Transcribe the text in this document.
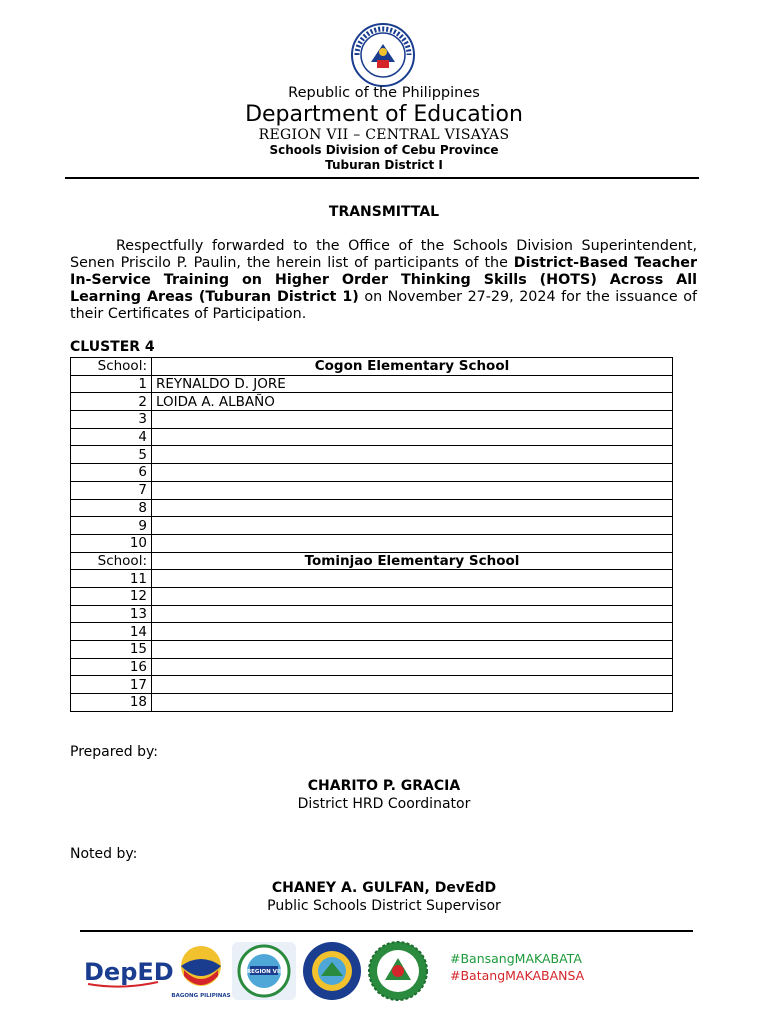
Republic of the Philippines
Department of Education
REGION VII – CENTRAL VISAYAS
Schools Division of Cebu Province
Tuburan District I
TRANSMITTAL

Respectfully forwarded to the Office of the Schools Division Superintendent, Senen Priscilo P. Paulin, the herein list of participants of the District-Based Teacher In-Service Training on Higher Order Thinking Skills (HOTS) Across All Learning Areas (Tuburan District 1) on November 27-29, 2024 for the issuance of their Certificates of Participation.

CLUSTER 4
School:	Cogon Elementary School
1	REYNALDO D. JORE
2	LOIDA A. ALBAÑO
3	
4	
5	
6	
7	
8	
9	
10	
School:	Tominjao Elementary School
11	
12	
13	
14	
15	
16	
17	
18	
Prepared by:
CHARITO P. GRACIA
District HRD Coordinator
Noted by:
CHANEY A. GULFAN, DevEdD
Public Schools District Supervisor
DepED
BAGONG PILIPINAS
REGION VII
#BansangMAKABATA
#BatangMAKABANSA
